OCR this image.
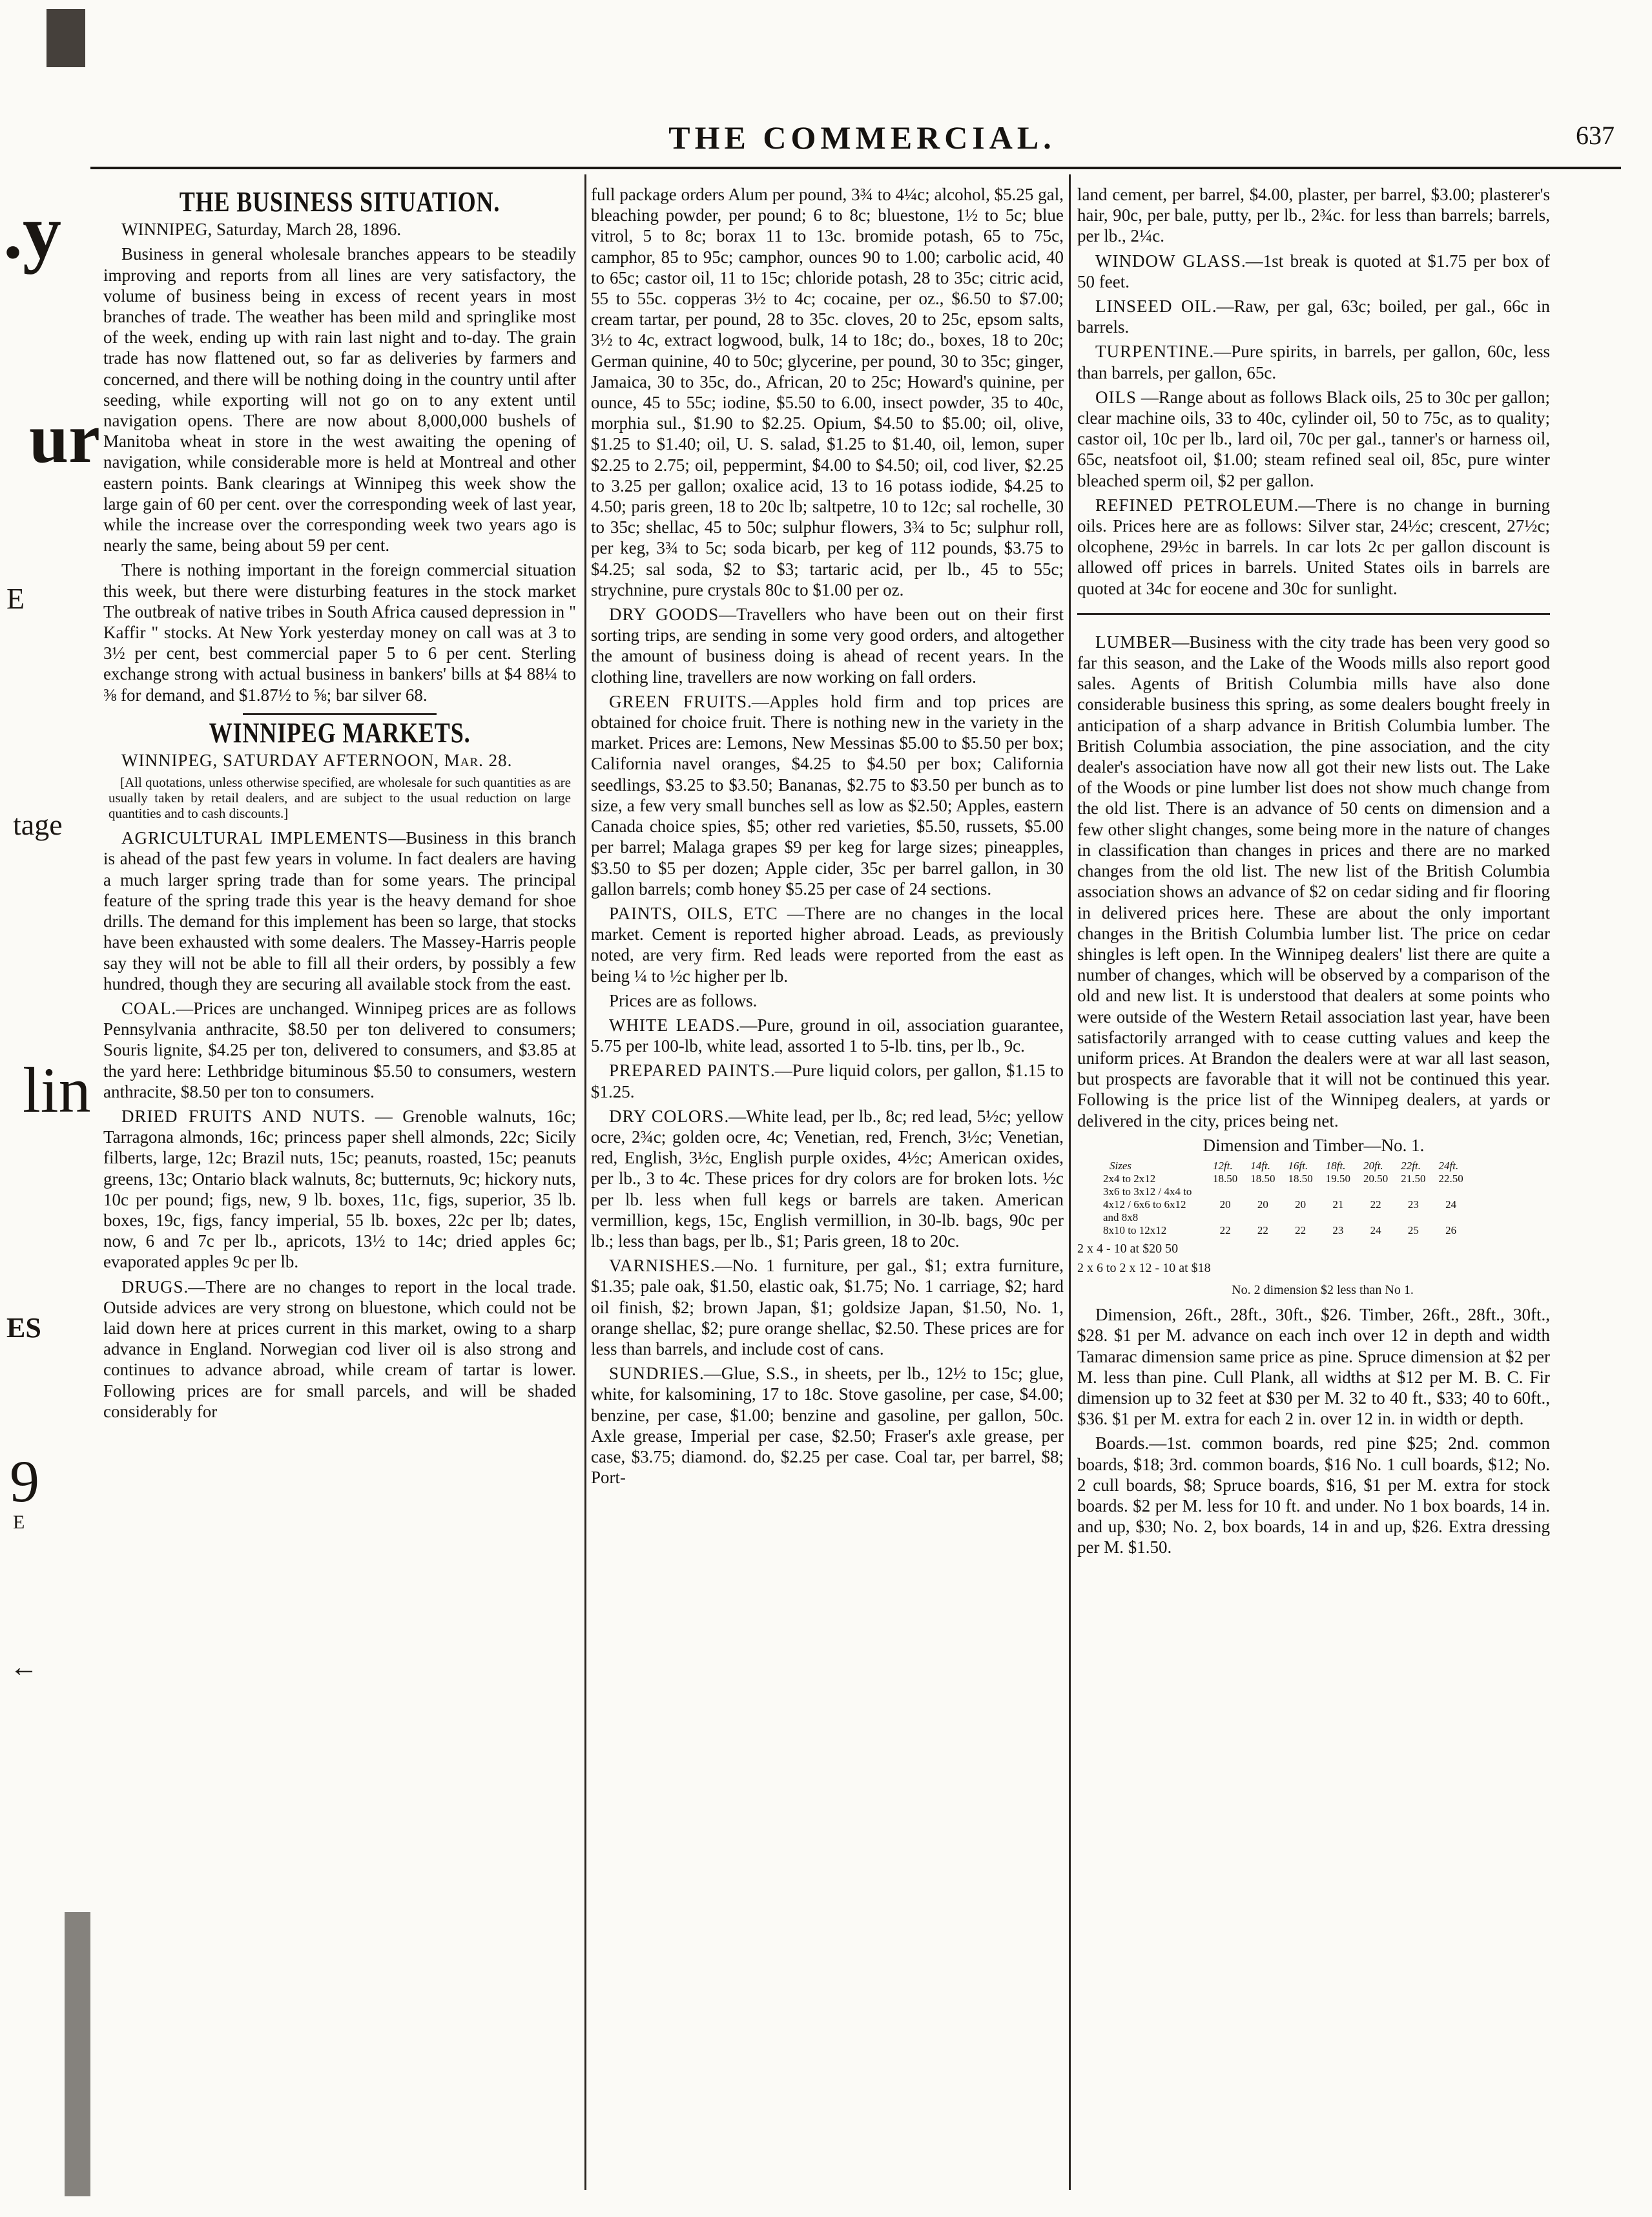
.y
ur
E
tage
lin
ES
9
Ε
←
THE COMMERCIAL.	637
THE BUSINESS SITUATION.

WINNIPEG, Saturday, March 28, 1896.

Business in general wholesale branches appears to be steadily improving and reports from all lines are very satisfactory, the volume of business being in excess of recent years in most branches of trade. The weather has been mild and springlike most of the week, ending up with rain last night and to-day. The grain trade has now flattened out, so far as deliveries by farmers and concerned, and there will be nothing doing in the country until after seeding, while exporting will not go on to any extent until navigation opens. There are now about 8,000,000 bushels of Manitoba wheat in store in the west awaiting the opening of navigation, while considerable more is held at Montreal and other eastern points. Bank clearings at Winnipeg this week show the large gain of 60 per cent. over the corresponding week of last year, while the increase over the corresponding week two years ago is nearly the same, being about 59 per cent.

There is nothing important in the foreign commercial situation this week, but there were disturbing features in the stock market The outbreak of native tribes in South Africa caused depression in " Kaffir " stocks. At New York yesterday money on call was at 3 to 3½ per cent, best commercial paper 5 to 6 per cent. Sterling exchange strong with actual business in bankers' bills at $4 88¼ to ⅜ for demand, and $1.87½ to ⅝; bar silver 68.

WINNIPEG MARKETS.

WINNIPEG, SATURDAY AFTERNOON, Mar. 28.

[All quotations, unless otherwise specified, are wholesale for such quantities as are usually taken by retail dealers, and are subject to the usual reduction on large quantities and to cash discounts.]

AGRICULTURAL IMPLEMENTS—Business in this branch is ahead of the past few years in volume. In fact dealers are having a much larger spring trade than for some years. The principal feature of the spring trade this year is the heavy demand for shoe drills. The demand for this implement has been so large, that stocks have been exhausted with some dealers. The Massey-Harris people say they will not be able to fill all their orders, by possibly a few hundred, though they are securing all available stock from the east.

COAL.—Prices are unchanged. Winnipeg prices are as follows Pennsylvania anthracite, $8.50 per ton delivered to consumers; Souris lignite, $4.25 per ton, delivered to consumers, and $3.85 at the yard here: Lethbridge bituminous $5.50 to consumers, western anthracite, $8.50 per ton to consumers.

DRIED FRUITS AND NUTS. — Grenoble walnuts, 16c; Tarragona almonds, 16c; princess paper shell almonds, 22c; Sicily filberts, large, 12c; Brazil nuts, 15c; peanuts, roasted, 15c; peanuts greens, 13c; Ontario black walnuts, 8c; butternuts, 9c; hickory nuts, 10c per pound; figs, new, 9 lb. boxes, 11c, figs, superior, 35 lb. boxes, 19c, figs, fancy imperial, 55 lb. boxes, 22c per lb; dates, now, 6 and 7c per lb., apricots, 13½ to 14c; dried apples 6c; evaporated apples 9c per lb.

DRUGS.—There are no changes to report in the local trade. Outside advices are very strong on bluestone, which could not be laid down here at prices current in this market, owing to a sharp advance in England. Norwegian cod liver oil is also strong and continues to advance abroad, while cream of tartar is lower. Following prices are for small parcels, and will be shaded considerably for

full package orders Alum per pound, 3¾ to 4¼c; alcohol, $5.25 gal, bleaching powder, per pound; 6 to 8c; bluestone, 1½ to 5c; blue vitrol, 5 to 8c; borax 11 to 13c. bromide potash, 65 to 75c, camphor, 85 to 95c; camphor, ounces 90 to 1.00; carbolic acid, 40 to 65c; castor oil, 11 to 15c; chloride potash, 28 to 35c; citric acid, 55 to 55c. copperas 3½ to 4c; cocaine, per oz., $6.50 to $7.00; cream tartar, per pound, 28 to 35c. cloves, 20 to 25c, epsom salts, 3½ to 4c, extract logwood, bulk, 14 to 18c; do., boxes, 18 to 20c; German quinine, 40 to 50c; glycerine, per pound, 30 to 35c; ginger, Jamaica, 30 to 35c, do., African, 20 to 25c; Howard's quinine, per ounce, 45 to 55c; iodine, $5.50 to 6.00, insect powder, 35 to 40c, morphia sul., $1.90 to $2.25. Opium, $4.50 to $5.00; oil, olive, $1.25 to $1.40; oil, U. S. salad, $1.25 to $1.40, oil, lemon, super $2.25 to 2.75; oil, peppermint, $4.00 to $4.50; oil, cod liver, $2.25 to 3.25 per gallon; oxalice acid, 13 to 16 potass iodide, $4.25 to 4.50; paris green, 18 to 20c lb; saltpetre, 10 to 12c; sal rochelle, 30 to 35c; shellac, 45 to 50c; sulphur flowers, 3¾ to 5c; sulphur roll, per keg, 3¾ to 5c; soda bicarb, per keg of 112 pounds, $3.75 to $4.25; sal soda, $2 to $3; tartaric acid, per lb., 45 to 55c; strychnine, pure crystals 80c to $1.00 per oz.

DRY GOODS—Travellers who have been out on their first sorting trips, are sending in some very good orders, and altogether the amount of business doing is ahead of recent years. In the clothing line, travellers are now working on fall orders.

GREEN FRUITS.—Apples hold firm and top prices are obtained for choice fruit. There is nothing new in the variety in the market. Prices are: Lemons, New Messinas $5.00 to $5.50 per box; California navel oranges, $4.25 to $4.50 per box; California seedlings, $3.25 to $3.50; Bananas, $2.75 to $3.50 per bunch as to size, a few very small bunches sell as low as $2.50; Apples, eastern Canada choice spies, $5; other red varieties, $5.50, russets, $5.00 per barrel; Malaga grapes $9 per keg for large sizes; pineapples, $3.50 to $5 per dozen; Apple cider, 35c per barrel gallon, in 30 gallon barrels; comb honey $5.25 per case of 24 sections.

PAINTS, OILS, ETC —There are no changes in the local market. Cement is reported higher abroad. Leads, as previously noted, are very firm. Red leads were reported from the east as being ¼ to ½c higher per lb.

Prices are as follows.

WHITE LEADS.—Pure, ground in oil, association guarantee, 5.75 per 100-lb, white lead, assorted 1 to 5-lb. tins, per lb., 9c.

PREPARED PAINTS.—Pure liquid colors, per gallon, $1.15 to $1.25.

DRY COLORS.—White lead, per lb., 8c; red lead, 5½c; yellow ocre, 2¾c; golden ocre, 4c; Venetian, red, French, 3½c; Venetian, red, English, 3½c, English purple oxides, 4½c; American oxides, per lb., 3 to 4c. These prices for dry colors are for broken lots. ½c per lb. less when full kegs or barrels are taken. American vermillion, kegs, 15c, English vermillion, in 30-lb. bags, 90c per lb.; less than bags, per lb., $1; Paris green, 18 to 20c.

VARNISHES.—No. 1 furniture, per gal., $1; extra furniture, $1.35; pale oak, $1.50, elastic oak, $1.75; No. 1 carriage, $2; hard oil finish, $2; brown Japan, $1; goldsize Japan, $1.50, No. 1, orange shellac, $2; pure orange shellac, $2.50. These prices are for less than barrels, and include cost of cans.

SUNDRIES.—Glue, S.S., in sheets, per lb., 12½ to 15c; glue, white, for kalsomining, 17 to 18c. Stove gasoline, per case, $4.00; benzine, per case, $1.00; benzine and gasoline, per gallon, 50c. Axle grease, Imperial per case, $2.50; Fraser's axle grease, per case, $3.75; diamond. do, $2.25 per case. Coal tar, per barrel, $8; Port-

land cement, per barrel, $4.00, plaster, per barrel, $3.00; plasterer's hair, 90c, per bale, putty, per lb., 2¾c. for less than barrels; barrels, per lb., 2¼c.

WINDOW GLASS.—1st break is quoted at $1.75 per box of 50 feet.

LINSEED OIL.—Raw, per gal, 63c; boiled, per gal., 66c in barrels.

TURPENTINE.—Pure spirits, in barrels, per gallon, 60c, less than barrels, per gallon, 65c.

OILS —Range about as follows Black oils, 25 to 30c per gallon; clear machine oils, 33 to 40c, cylinder oil, 50 to 75c, as to quality; castor oil, 10c per lb., lard oil, 70c per gal., tanner's or harness oil, 65c, neatsfoot oil, $1.00; steam refined seal oil, 85c, pure winter bleached sperm oil, $2 per gallon.

REFINED PETROLEUM.—There is no change in burning oils. Prices here are as follows: Silver star, 24½c; crescent, 27½c; olcophene, 29½c in barrels. In car lots 2c per gallon discount is allowed off prices in barrels. United States oils in barrels are quoted at 34c for eocene and 30c for sunlight.

LUMBER—Business with the city trade has been very good so far this season, and the Lake of the Woods mills also report good sales. Agents of British Columbia mills have also done considerable business this spring, as some dealers bought freely in anticipation of a sharp advance in British Columbia lumber. The British Columbia association, the pine association, and the city dealer's association have now all got their new lists out. The Lake of the Woods or pine lumber list does not show much change from the old list. There is an advance of 50 cents on dimension and a few other slight changes, some being more in the nature of changes in classification than changes in prices and there are no marked changes from the old list. The new list of the British Columbia association shows an advance of $2 on cedar siding and fir flooring in delivered prices here. These are about the only important changes in the British Columbia lumber list. The price on cedar shingles is left open. In the Winnipeg dealers' list there are quite a number of changes, which will be observed by a comparison of the old and new list. It is understood that dealers at some points who were outside of the Western Retail association last year, have been satisfactorily arranged with to cease cutting values and keep the uniform prices. At Brandon the dealers were at war all last season, but prospects are favorable that it will not be continued this year. Following is the price list of the Winnipeg dealers, at yards or delivered in the city, prices being net.

Dimension and Timber—No. 1.

Sizes	12ft.	14ft.	16ft.	18ft.	20ft.	22ft.	24ft.
2x4 to 2x12	18.50	18.50	18.50	19.50	20.50	21.50	22.50
3x6 to 3x12 / 4x4 to 4x12 / 6x6 to 6x12 and 8x8	20	20	20	21	22	23	24
8x10 to 12x12	22	22	22	23	24	25	26

2 x 4 - 10 at $20 50

2 x 6 to 2 x 12 - 10 at $18

No. 2 dimension $2 less than No 1.

Dimension, 26ft., 28ft., 30ft., $26. Timber, 26ft., 28ft., 30ft., $28. $1 per M. advance on each inch over 12 in depth and width Tamarac dimension same price as pine. Spruce dimension at $2 per M. less than pine. Cull Plank, all widths at $12 per M. B. C. Fir dimension up to 32 feet at $30 per M. 32 to 40 ft., $33; 40 to 60ft., $36. $1 per M. extra for each 2 in. over 12 in. in width or depth.

Boards.—1st. common boards, red pine $25; 2nd. common boards, $18; 3rd. common boards, $16 No. 1 cull boards, $12; No. 2 cull boards, $8; Spruce boards, $16, $1 per M. extra for stock boards. $2 per M. less for 10 ft. and under. No 1 box boards, 14 in. and up, $30; No. 2, box boards, 14 in and up, $26. Extra dressing per M. $1.50.
